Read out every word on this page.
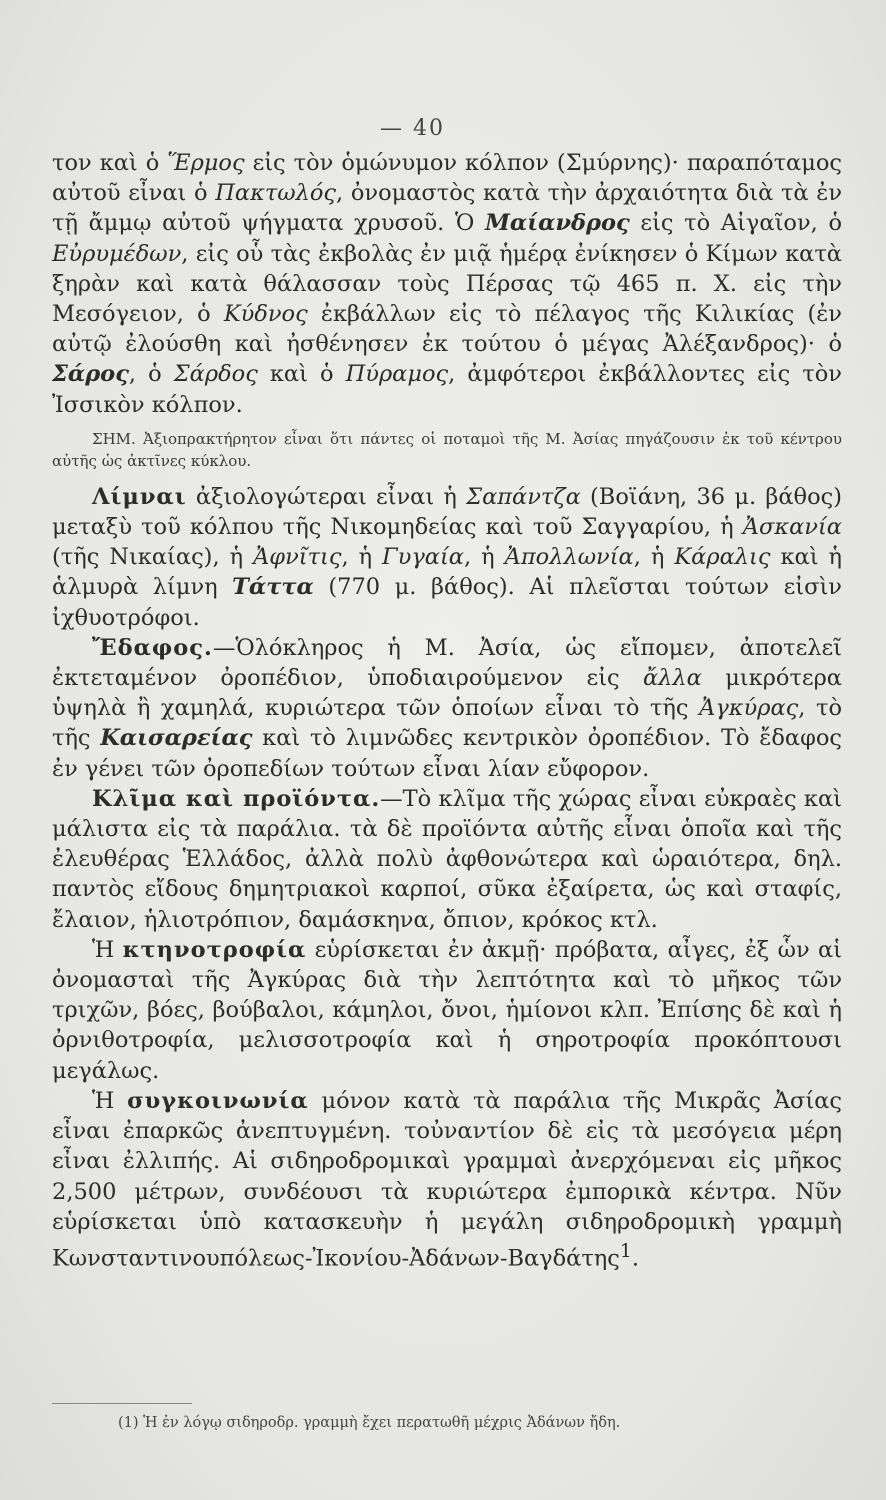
— 40

τον καὶ ὁ Ἕρμος εἰς τὸν ὁμώνυμον κόλπον (Σμύρνης)· παραπόταμος αὐτοῦ εἶναι ὁ Πακτωλός, ὀνομαστὸς κατὰ τὴν ἀρχαιότητα διὰ τὰ ἐν τῇ ἄμμῳ αὐτοῦ ψήγματα χρυσοῦ. Ὁ Μαίανδρος εἰς τὸ Αἰγαῖον, ὁ Εὐρυμέδων, εἰς οὗ τὰς ἐκβολὰς ἐν μιᾷ ἡμέρᾳ ἐνίκησεν ὁ Κίμων κατὰ ξηρὰν καὶ κατὰ θάλασσαν τοὺς Πέρσας τῷ 465 π. Χ. εἰς τὴν Μεσόγειον, ὁ Κύδνος ἐκβάλλων εἰς τὸ πέλαγος τῆς Κιλικίας (ἐν αὐτῷ ἐλούσθη καὶ ἠσθένησεν ἐκ τούτου ὁ μέγας Ἀλέξανδρος)· ὁ Σάρος, ὁ Σάρδος καὶ ὁ Πύραμος, ἀμφότεροι ἐκβάλλοντες εἰς τὸν Ἰσσικὸν κόλπον.

ΣΗΜ. Ἀξιοπρακτήρητον εἶναι ὅτι πάντες οἱ ποταμοὶ τῆς Μ. Ἀσίας πηγάζουσιν ἐκ τοῦ κέντρου αὐτῆς ὡς ἀκτῖνες κύκλου.

Λίμναι ἀξιολογώτεραι εἶναι ἡ Σαπάντζα (Βοϊάνη, 36 μ. βάθος) μεταξὺ τοῦ κόλπου τῆς Νικομηδείας καὶ τοῦ Σαγγαρίου, ἡ Ἀσκανία (τῆς Νικαίας), ἡ Ἀφνῖτις, ἡ Γυγαία, ἡ Ἀπολλωνία, ἡ Κάραλις καὶ ἡ ἁλμυρὰ λίμνη Τάττα (770 μ. βάθος). Αἱ πλεῖσται τούτων εἰσὶν ἰχθυοτρόφοι.

Ἔδαφος.—Ὁλόκληρος ἡ Μ. Ἀσία, ὡς εἴπομεν, ἀποτελεῖ ἐκτεταμένον ὀροπέδιον, ὑποδιαιρούμενον εἰς ἄλλα μικρότερα ὑψηλὰ ἢ χαμηλά, κυριώτερα τῶν ὁποίων εἶναι τὸ τῆς Ἀγκύρας, τὸ τῆς Καισαρείας καὶ τὸ λιμνῶδες κεντρικὸν ὀροπέδιον. Τὸ ἔδαφος ἐν γένει τῶν ὀροπεδίων τούτων εἶναι λίαν εὔφορον.

Κλῖμα καὶ προϊόντα.—Τὸ κλῖμα τῆς χώρας εἶναι εὐκραὲς καὶ μάλιστα εἰς τὰ παράλια. τὰ δὲ προϊόντα αὐτῆς εἶναι ὁποῖα καὶ τῆς ἐλευθέρας Ἑλλάδος, ἀλλὰ πολὺ ἀφθονώτερα καὶ ὡραιότερα, δηλ. παντὸς εἴδους δημητριακοὶ καρποί, σῦκα ἐξαίρετα, ὡς καὶ σταφίς, ἔλαιον, ἡλιοτρόπιον, δαμάσκηνα, ὄπιον, κρόκος κτλ.

Ἡ κτηνοτροφία εὑρίσκεται ἐν ἀκμῇ· πρόβατα, αἶγες, ἐξ ὧν αἱ ὀνομασταὶ τῆς Ἀγκύρας διὰ τὴν λεπτότητα καὶ τὸ μῆκος τῶν τριχῶν, βόες, βούβαλοι, κάμηλοι, ὄνοι, ἡμίονοι κλπ. Ἐπίσης δὲ καὶ ἡ ὀρνιθοτροφία, μελισσοτροφία καὶ ἡ σηροτροφία προκόπτουσι μεγάλως.

Ἡ συγκοινωνία μόνον κατὰ τὰ παράλια τῆς Μικρᾶς Ἀσίας εἶναι ἐπαρκῶς ἀνεπτυγμένη. τοὐναντίον δὲ εἰς τὰ μεσόγεια μέρη εἶναι ἐλλιπής. Αἱ σιδηροδρομικαὶ γραμμαὶ ἀνερχόμεναι εἰς μῆκος 2,500 μέτρων, συνδέουσι τὰ κυριώτερα ἐμπορικὰ κέντρα. Νῦν εὑρίσκεται ὑπὸ κατασκευὴν ἡ μεγάλη σιδηροδρομικὴ γραμμὴ Κωνσταντινουπόλεως-Ἰκονίου-Ἀδάνων-Βαγδάτης$^1$.

(1) Ἡ ἐν λόγῳ σιδηροδρ. γραμμὴ ἔχει περατωθῆ μέχρις Ἀδάνων ἤδη.
